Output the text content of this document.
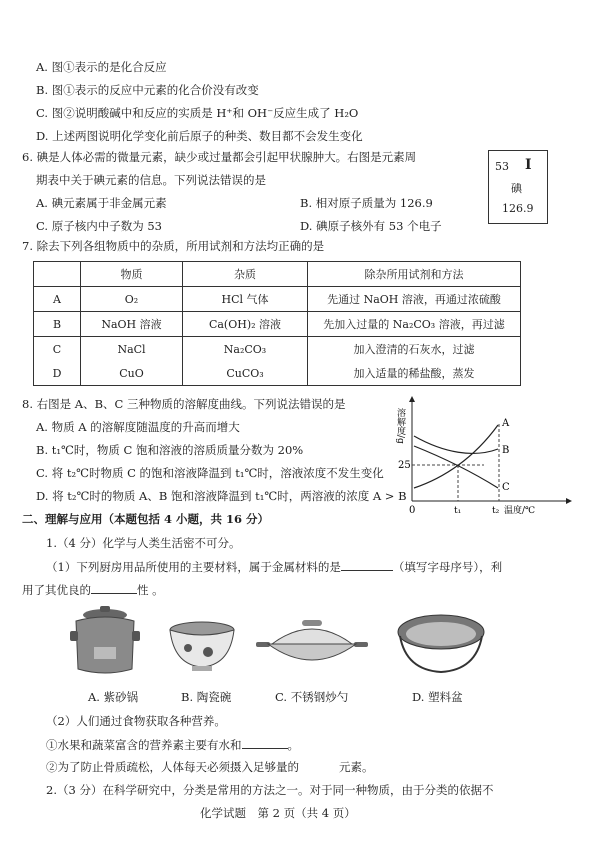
A. 图①表示的是化合反应
B. 图①表示的反应中元素的化合价没有改变
C. 图②说明酸碱中和反应的实质是 H⁺和 OH⁻反应生成了 H₂O
D. 上述两图说明化学变化前后原子的种类、数目都不会发生变化
6. 碘是人体必需的微量元素，缺少或过量都会引起甲状腺肿大。右图是元素周
期表中关于碘元素的信息。下列说法错误的是
A. 碘元素属于非金属元素	B. 相对原子质量为 126.9
C. 原子核内中子数为 53	D. 碘原子核外有 53 个电子
53 I
碘
126.9
7. 除去下列各组物质中的杂质，所用试剂和方法均正确的是
	物质	杂质	除杂所用试剂和方法
A	O₂	HCl 气体	先通过 NaOH 溶液，再通过浓硫酸
B	NaOH 溶液	Ca(OH)₂ 溶液	先加入过量的 Na₂CO₃ 溶液，再过滤
C	NaCl	Na₂CO₃	加入澄清的石灰水，过滤
D	CuO	CuCO₃	加入适量的稀盐酸，蒸发
8. 右图是 A、B、C 三种物质的溶解度曲线。下列说法错误的是
A. 物质 A 的溶解度随温度的升高而增大
B. t₁℃时，物质 C 饱和溶液的溶质质量分数为 20%
C. 将 t₂℃时物质 C 的饱和溶液降温到 t₁℃时，溶液浓度不发生变化
D. 将 t₂℃时的物质 A、B 饱和溶液降温到 t₁℃时，两溶液的浓度 A > B
A
B
C
25
0	t₁	t₂ 温度/℃
溶解度/g
二、理解与应用（本题包括 4 小题，共 16 分）
1.（4 分）化学与人类生活密不可分。
（1）下列厨房用品所使用的主要材料，属于金属材料的是	（填写字母序号），利
用了其优良的	性 。
A. 紫砂锅	B. 陶瓷碗	C. 不锈钢炒勺	D. 塑料盆
（2）人们通过食物获取各种营养。
①水果和蔬菜富含的营养素主要有水和	。
②为了防止骨质疏松，人体每天必须摄入足够量的	元素。
2.（3 分）在科学研究中，分类是常用的方法之一。对于同一种物质，由于分类的依据不
化学试题　第 2 页（共 4 页）
